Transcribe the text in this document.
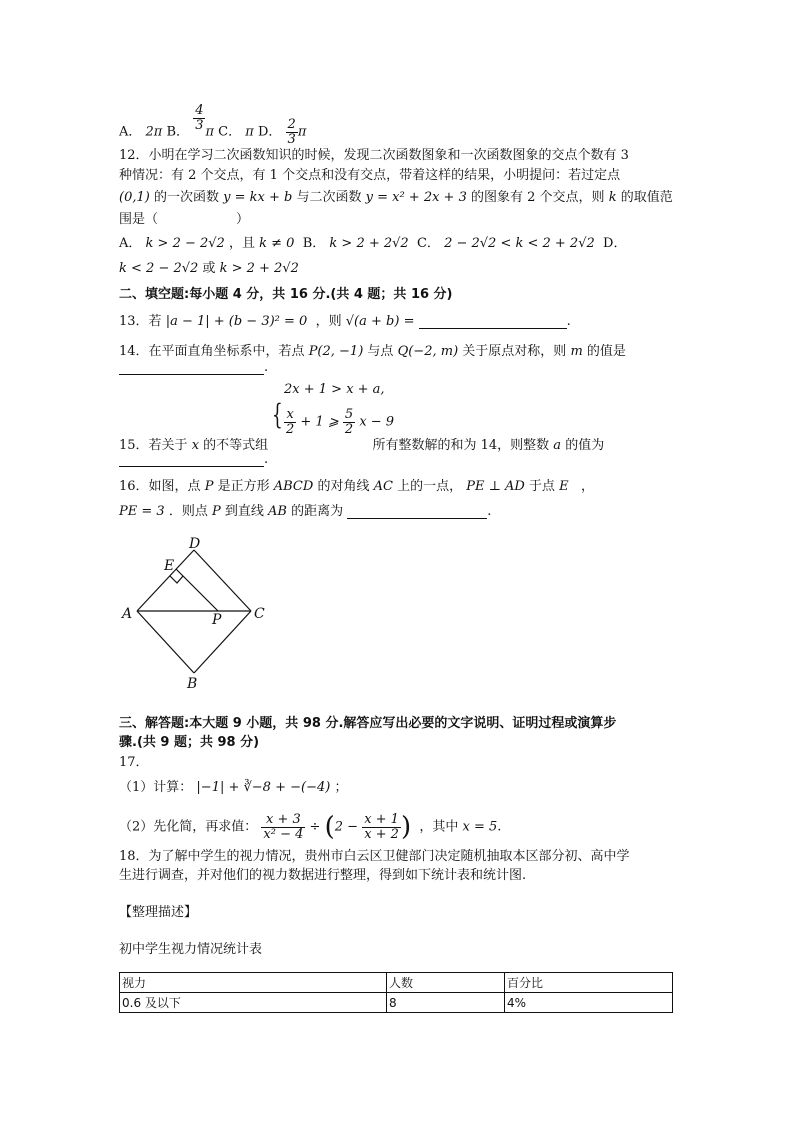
A． 2π B． $\frac{4}{3}$ π C． π D． $\frac{2}{3}$ π
12．小明在学习二次函数知识的时候，发现二次函数图象和一次函数图象的交点个数有 3
种情况：有 2 个交点，有 1 个交点和没有交点，带着这样的结果，小明提问：若过定点
(0,1) 的一次函数 y = kx + b 与二次函数 y = x² + 2x + 3 的图象有 2 个交点，则 k 的取值范
围是（　　　　　　）
A． k > 2 − 2√2 ，且 k ≠ 0 B． k > 2 + 2√2 C． 2 − 2√2 < k < 2 + 2√2 D．
k < 2 − 2√2 或 k > 2 + 2√2
二、填空题:每小题 4 分，共 16 分.(共 4 题；共 16 分)
13．若 |a − 1| + (b − 3)² = 0 ，则 √(a + b) =	.
14．在平面直角坐标系中，若点 P(2, −1) 与点 Q(−2, m) 关于原点对称，则 m 的值是
.
{
2x + 1 > x + a,
$\frac{x}{2} + 1$ ⩾ $\frac{5}{2}$ x − 9
15．若关于 x 的不等式组	所有整数解的和为 14，则整数 a 的值为
.
16．如图，点 P 是正方形 ABCD 的对角线 AC 上的一点， PE ⊥ AD 于点 E ，
PE = 3 ．则点 P 到直线 AB 的距离为	.
D
E
A	P C
B
三、解答题:本大题 9 小题，共 98 分.解答应写出必要的文字说明、证明过程或演算步
骤.(共 9 题；共 98 分)
17．
（1）计算： |−1| + ∛−8 + −(−4) ；
（2）先化简，再求值： $\frac{x + 3}{\text{x² − 4}} \div (2 - \frac{x + 1}{x + 2}$ ) ，其中 x = 5.
18．为了解中学生的视力情况，贵州市白云区卫健部门决定随机抽取本区部分初、高中学
生进行调查，并对他们的视力数据进行整理，得到如下统计表和统计图.
【整理描述】
初中学生视力情况统计表
视力	人数	百分比
0.6 及以下	8	4%
